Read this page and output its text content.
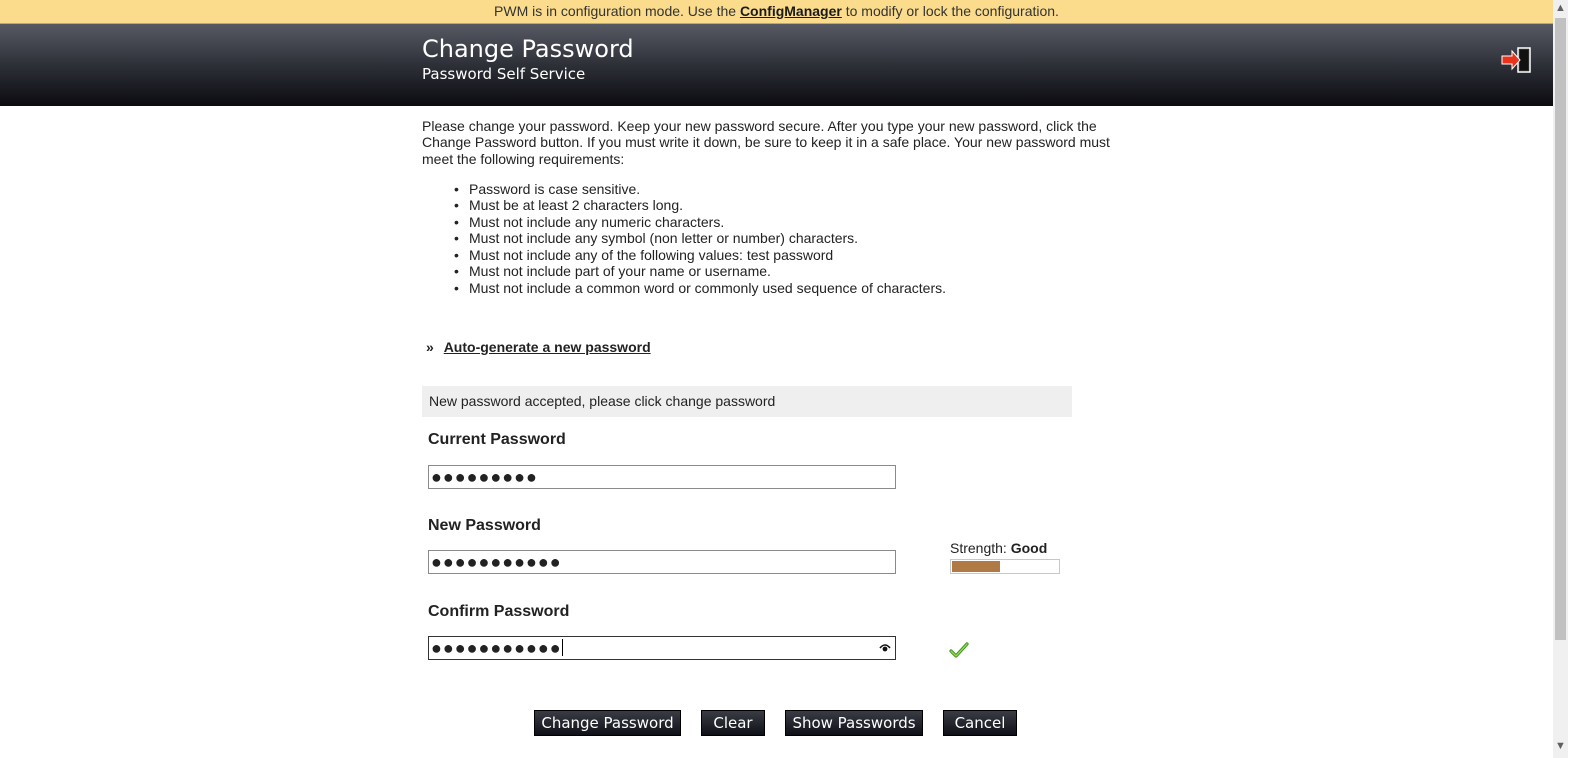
PWM is in configuration mode. Use the ConfigManager to modify or lock the configuration.
Change Password
Password Self Service
▲
▼

Please change your password. Keep your new password secure. After you type your new password, click the Change Password button. If you must write it down, be sure to keep it in a safe place. Your new password must meet the following requirements:

• Password is case sensitive.
• Must be at least 2 characters long.
• Must not include any numeric characters.
• Must not include any symbol (non letter or number) characters.
• Must not include any of the following values: test password
• Must not include part of your name or username.
• Must not include a common word or commonly used sequence of characters.
» Auto-generate a new password
New password accepted, please click change password
Current Password
●●●●●●●●●
New Password
●●●●●●●●●●●
Strength: Good
Confirm Password
●●●●●●●●●●●
Change Password	Clear	Show Passwords	Cancel
